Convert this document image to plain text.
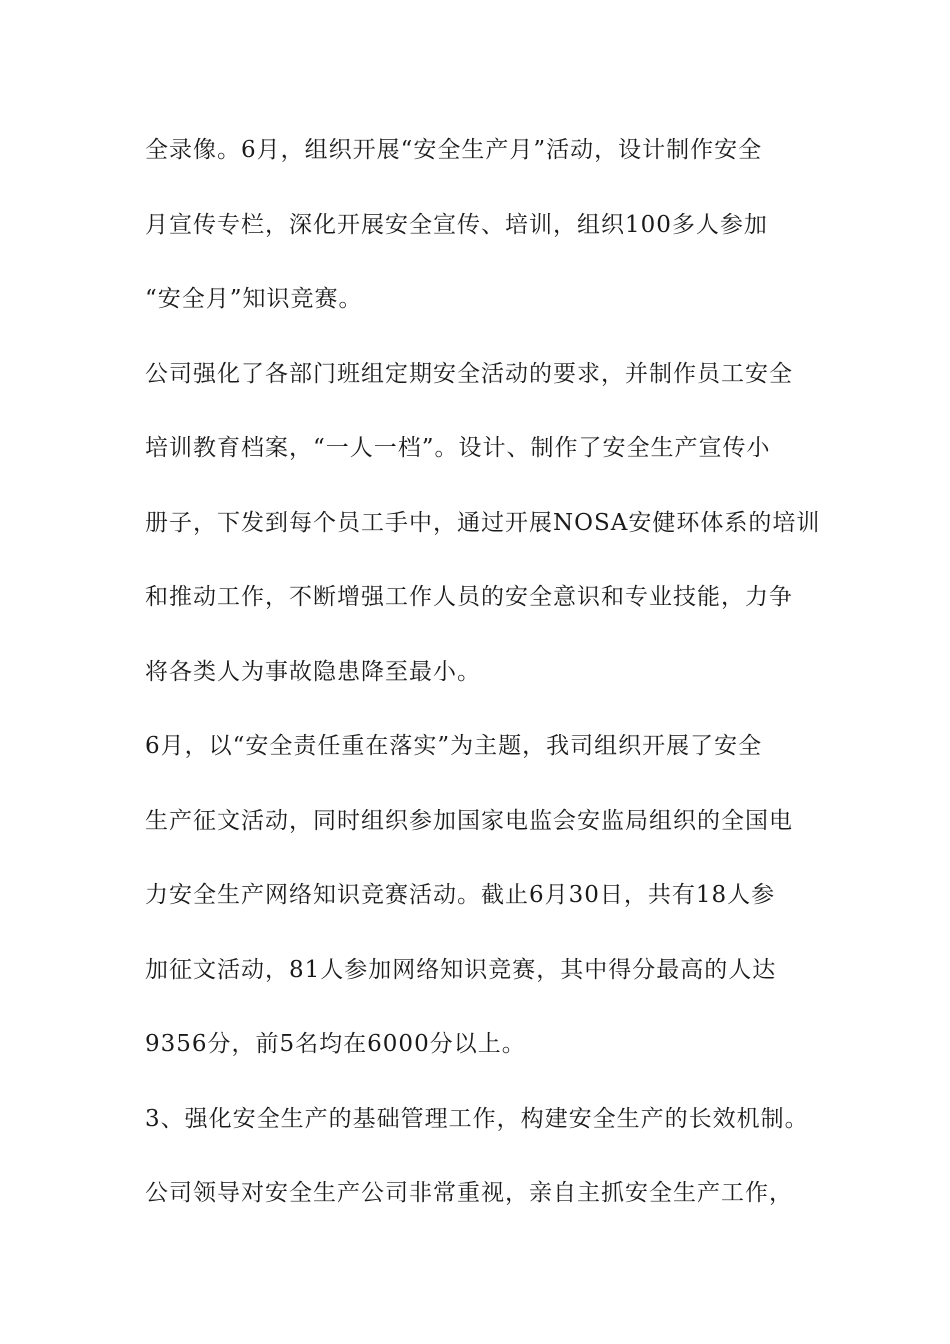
全录像。6月，组织开展“安全生产月”活动，设计制作安全
月宣传专栏，深化开展安全宣传、培训，组织100多人参加
“安全月”知识竞赛。
公司强化了各部门班组定期安全活动的要求，并制作员工安全
培训教育档案，“一人一档”。设计、制作了安全生产宣传小
册子，下发到每个员工手中，通过开展NOSA安健环体系的培训
和推动工作，不断增强工作人员的安全意识和专业技能，力争
将各类人为事故隐患降至最小。
6月，以“安全责任重在落实”为主题，我司组织开展了安全
生产征文活动，同时组织参加国家电监会安监局组织的全国电
力安全生产网络知识竞赛活动。截止6月30日，共有18人参
加征文活动，81人参加网络知识竞赛，其中得分最高的人达
9356分，前5名均在6000分以上。
3、强化安全生产的基础管理工作，构建安全生产的长效机制。
公司领导对安全生产公司非常重视，亲自主抓安全生产工作，
